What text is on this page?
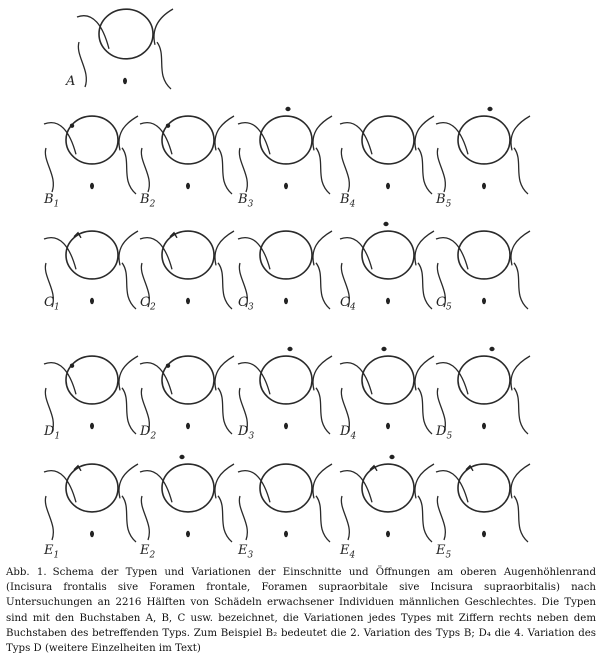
A
$B_1$	$B_2$	$B_3$	$B_4$	$B_5$
$C_1$	$C_2$	$C_3$	$C_4$	$C_5$
$D_1$	$D_2$	$D_3$	$D_4$	$D_5$
$E_1$	$E_2$	$E_3$	$E_4$	$E_5$
Abb. 1. Schema der Typen und Variationen der Einschnitte und Öffnungen am oberen Augenhöhlenrand (Incisura frontalis sive Foramen frontale, Foramen supraorbitale sive Incisura supraorbitalis) nach Untersuchungen an 2216 Hälften von Schädeln erwachsener Individuen männlichen Geschlechtes. Die Typen sind mit den Buchstaben A, B, C usw. bezeichnet, die Variationen jedes Types mit Ziffern rechts neben dem Buchstaben des betreffenden Typs. Zum Beispiel B₂ bedeutet die 2. Variation des Typs B; D₄ die 4. Variation des Typs D (weitere Einzelheiten im Text)
